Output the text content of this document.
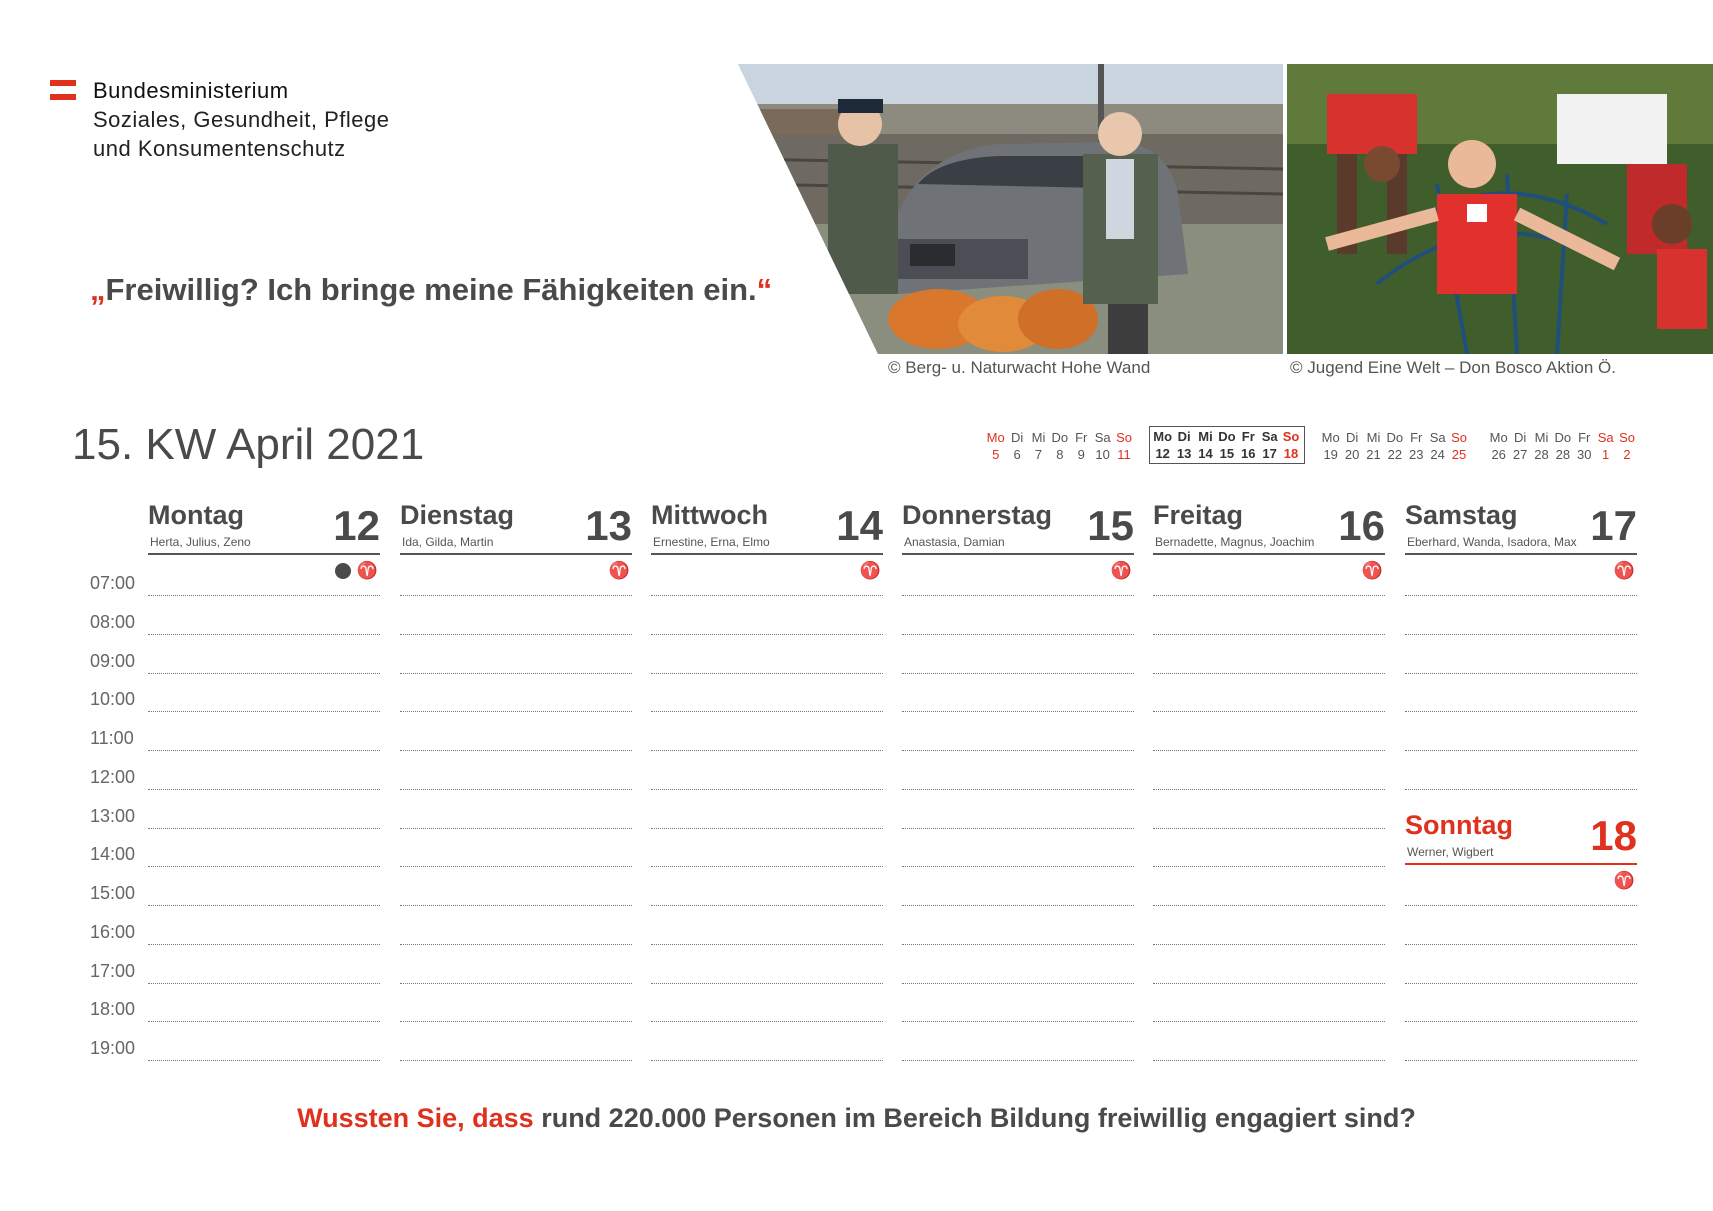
Bundesministerium
Soziales, Gesundheit, Pflege
und Konsumentenschutz
„Freiwillig? Ich bringe meine Fähigkeiten ein.“
© Berg- u. Naturwacht Hohe Wand	© Jugend Eine Welt – Don Bosco Aktion Ö.
15. KW April 2021	Mo Di Mi Do Fr Sa So
5	6	7	8	9 10 11
Mo Di Mi Do Fr Sa So
12 13 14 15 16 17 18
Mo Di Mi Do Fr Sa So
19 20 21 22 23 24 25
Mo Di Mi Do Fr Sa So
26 27 28 28 30 1	2
Montag
Herta, Julius, Zeno 12
♈
Dienstag
Ida, Gilda, Martin 13
♈
Mittwoch
Ernestine, Erna, Elmo 14
♈
Donnerstag
Anastasia, Damian 15
♈
Freitag
Bernadette, Magnus, Joachim 16
♈
Samstag
Eberhard, Wanda, Isadora, Max 17
♈
Sonntag
Werner, Wigbert 18
♈
07:00
08:00
09:00
10:00
11:00
12:00
13:00
14:00
15:00
16:00
17:00
18:00
19:00
Wussten Sie, dass rund 220.000 Personen im Bereich Bildung freiwillig engagiert sind?
